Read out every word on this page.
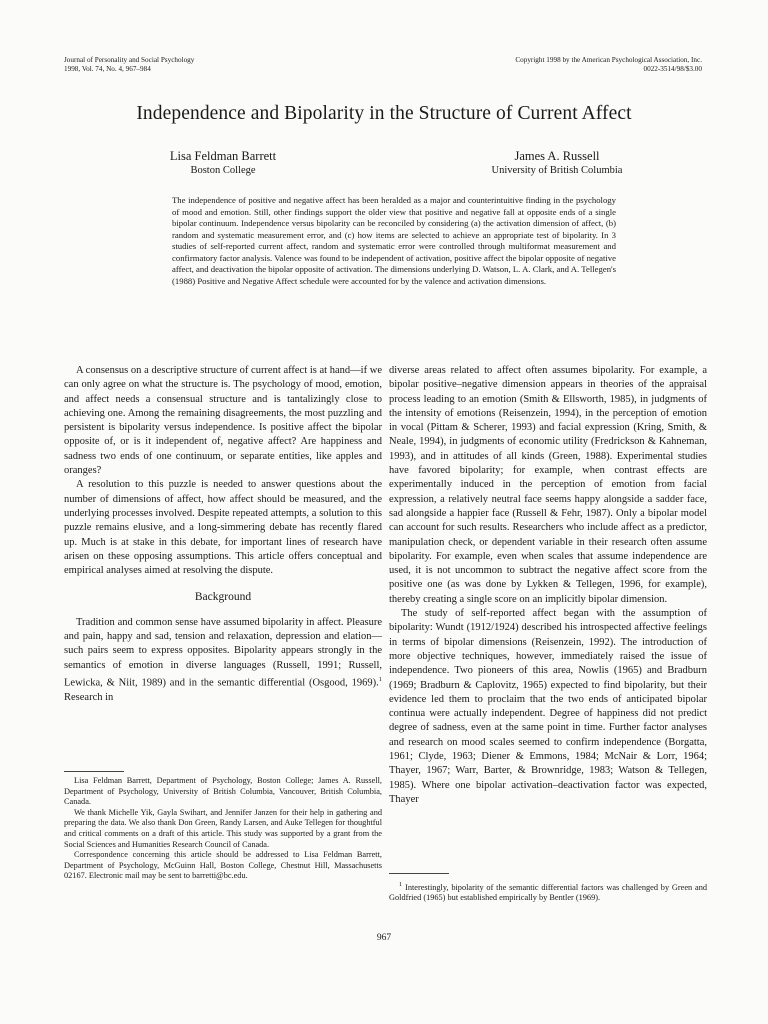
Journal of Personality and Social Psychology
1998, Vol. 74, No. 4, 967–984
Copyright 1998 by the American Psychological Association, Inc.
0022-3514/98/$3.00
Independence and Bipolarity in the Structure of Current Affect
Lisa Feldman Barrett
Boston College
James A. Russell
University of British Columbia
The independence of positive and negative affect has been heralded as a major and counterintuitive finding in the psychology of mood and emotion. Still, other findings support the older view that positive and negative fall at opposite ends of a single bipolar continuum. Independence versus bipolarity can be reconciled by considering (a) the activation dimension of affect, (b) random and systematic measurement error, and (c) how items are selected to achieve an appropriate test of bipolarity. In 3 studies of self-reported current affect, random and systematic error were controlled through multiformat measurement and confirmatory factor analysis. Valence was found to be independent of activation, positive affect the bipolar opposite of negative affect, and deactivation the bipolar opposite of activation. The dimensions underlying D. Watson, L. A. Clark, and A. Tellegen's (1988) Positive and Negative Affect schedule were accounted for by the valence and activation dimensions.

A consensus on a descriptive structure of current affect is at hand—if we can only agree on what the structure is. The psychology of mood, emotion, and affect needs a consensual structure and is tantalizingly close to achieving one. Among the remaining disagreements, the most puzzling and persistent is bipolarity versus independence. Is positive affect the bipolar opposite of, or is it independent of, negative affect? Are happiness and sadness two ends of one continuum, or separate entities, like apples and oranges?

A resolution to this puzzle is needed to answer questions about the number of dimensions of affect, how affect should be measured, and the underlying processes involved. Despite repeated attempts, a solution to this puzzle remains elusive, and a long-simmering debate has recently flared up. Much is at stake in this debate, for important lines of research have arisen on these opposing assumptions. This article offers conceptual and empirical analyses aimed at resolving the dispute.

Background

Tradition and common sense have assumed bipolarity in affect. Pleasure and pain, happy and sad, tension and relaxation, depression and elation—such pairs seem to express opposites. Bipolarity appears strongly in the semantics of emotion in diverse languages (Russell, 1991; Russell, Lewicka, & Niit, 1989) and in the semantic differential (Osgood, 1969).$^1$ Research in

diverse areas related to affect often assumes bipolarity. For example, a bipolar positive–negative dimension appears in theories of the appraisal process leading to an emotion (Smith & Ellsworth, 1985), in judgments of the intensity of emotions (Reisenzein, 1994), in the perception of emotion in vocal (Pittam & Scherer, 1993) and facial expression (Kring, Smith, & Neale, 1994), in judgments of economic utility (Fredrickson & Kahneman, 1993), and in attitudes of all kinds (Green, 1988). Experimental studies have favored bipolarity; for example, when contrast effects are experimentally induced in the perception of emotion from facial expression, a relatively neutral face seems happy alongside a sadder face, sad alongside a happier face (Russell & Fehr, 1987). Only a bipolar model can account for such results. Researchers who include affect as a predictor, manipulation check, or dependent variable in their research often assume bipolarity. For example, even when scales that assume independence are used, it is not uncommon to subtract the negative affect score from the positive one (as was done by Lykken & Tellegen, 1996, for example), thereby creating a single score on an implicitly bipolar dimension.

The study of self-reported affect began with the assumption of bipolarity: Wundt (1912/1924) described his introspected affective feelings in terms of bipolar dimensions (Reisenzein, 1992). The introduction of more objective techniques, however, immediately raised the issue of independence. Two pioneers of this area, Nowlis (1965) and Bradburn (1969; Bradburn & Caplovitz, 1965) expected to find bipolarity, but their evidence led them to proclaim that the two ends of anticipated bipolar continua were actually independent. Degree of happiness did not predict degree of sadness, even at the same point in time. Further factor analyses and research on mood scales seemed to confirm independence (Borgatta, 1961; Clyde, 1963; Diener & Emmons, 1984; McNair & Lorr, 1964; Thayer, 1967; Warr, Barter, & Brownridge, 1983; Watson & Tellegen, 1985). Where one bipolar activation–deactivation factor was expected, Thayer

Lisa Feldman Barrett, Department of Psychology, Boston College; James A. Russell, Department of Psychology, University of British Columbia, Vancouver, British Columbia, Canada.

We thank Michelle Yik, Gayla Swihart, and Jennifer Janzen for their help in gathering and preparing the data. We also thank Don Green, Randy Larsen, and Auke Tellegen for thoughtful and critical comments on a draft of this article. This study was supported by a grant from the Social Sciences and Humanities Research Council of Canada.

Correspondence concerning this article should be addressed to Lisa Feldman Barrett, Department of Psychology, McGuinn Hall, Boston College, Chestnut Hill, Massachusetts 02167. Electronic mail may be sent to barretti@bc.edu.

$^1$ Interestingly, bipolarity of the semantic differential factors was challenged by Green and Goldfried (1965) but established empirically by Bentler (1969).

967
